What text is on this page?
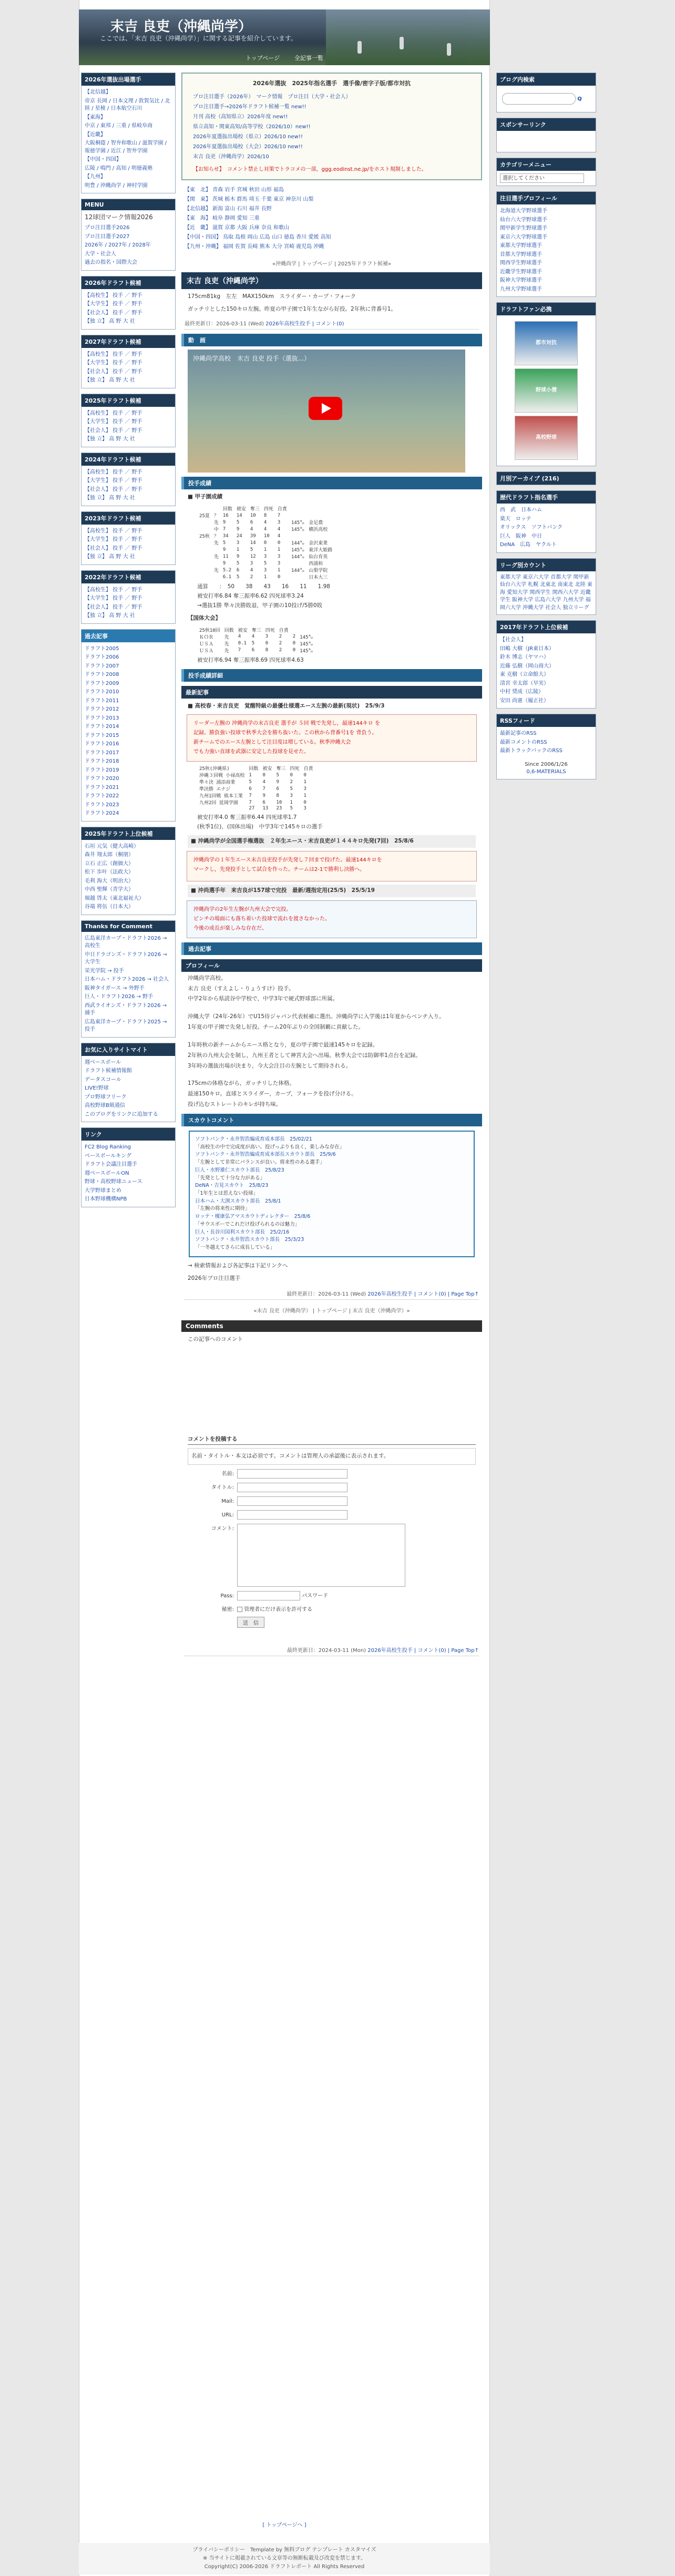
末吉 良吏（沖縄尚学）
ここでは、「末吉 良吏（沖縄尚学）」に関する記事を紹介しています。
トップページ	全記事一覧
2026年選抜出場選手
【北信越】
帝京 長岡 / 日本文理 / 敦賀気比 / 北陸 / 星稜 / 日本航空石川
【東海】
中京 / 東邦 / 三重 / 県岐阜商
【近畿】
大阪桐蔭 / 智弁和歌山 / 滋賀学園 / 報徳学園 / 近江 / 智弁学園
【中国・四国】
広陵 / 鳴門 / 高知 / 明徳義塾
【九州】
明豊 / 沖縄尚学 / 神村学園
MENU
12球団マーク情報2026
プロ注目選手2026
プロ注目選手2027
2026年 / 2027年 / 2028年
大学・社会人
過去の指名・国際大会
2026年ドラフト候補
【高校生】 投手 ／ 野手
【大学生】 投手 ／ 野手
【社会人】 投手 ／ 野手
【独 立】 高 野 大 社
2027年ドラフト候補
【高校生】 投手 ／ 野手
【大学生】 投手 ／ 野手
【社会人】 投手 ／ 野手
【独 立】 高 野 大 社
2025年ドラフト候補
【高校生】 投手 ／ 野手
【大学生】 投手 ／ 野手
【社会人】 投手 ／ 野手
【独 立】 高 野 大 社
2024年ドラフト候補
【高校生】 投手 ／ 野手
【大学生】 投手 ／ 野手
【社会人】 投手 ／ 野手
【独 立】 高 野 大 社
2023年ドラフト候補
【高校生】 投手 ／ 野手
【大学生】 投手 ／ 野手
【社会人】 投手 ／ 野手
【独 立】 高 野 大 社
2022年ドラフト候補
【高校生】 投手 ／ 野手
【大学生】 投手 ／ 野手
【社会人】 投手 ／ 野手
【独 立】 高 野 大 社
過去記事
ドラフト2005
ドラフト2006
ドラフト2007
ドラフト2008
ドラフト2009
ドラフト2010
ドラフト2011
ドラフト2012
ドラフト2013
ドラフト2014
ドラフト2015
ドラフト2016
ドラフト2017
ドラフト2018
ドラフト2019
ドラフト2020
ドラフト2021
ドラフト2022
ドラフト2023
ドラフト2024
2025年ドラフト上位候補
石垣 元気（健大高崎）
森井 翔太郎（桐朋）
立石 正広（創価大）
松下 歩叶（法政大）
毛利 海大（明治大）
中西 聖輝（青学大）
堀越 啓太（東北福祉大）
谷端 将伍（日本大）
Thanks for Comment
広島東洋カープ・ドラフト2026 → 高校生
中日ドラゴンズ・ドラフト2026 → 大学生
栄光学院 → 投手
日本ハム・ドラフト2026 → 社会人
阪神タイガース → 外野手
巨人・ドラフト2026 → 野手
西武ライオンズ・ドラフト2026 → 捕手
広島東洋カープ・ドラフト2025 → 投手
お気に入りサイトマイト
週ベースボール
ドラフト候補情報館
データスコール
LIVE!野球
プロ野球フリーク
高校野球B級通信
このブログをリンクに追加する
リンク
FC2 Blog Ranking
ベースボールキング
ドラフト会議注目選手
週ベースボールON
野球・高校野球ニュース
大学野球まとめ
日本野球機構NPB
2026年選抜　2025年指名選手　選手像/密字子版/都市対抗
プロ注目選手（2026年）　マーク情報　プロ注目（大学・社会人）
プロ注目選手→2026年ドラフト候補一覧 new!!
月刊 高校（高知県立）2026年度 new!!
県立高知・関東高知/高等学校（2026/10）new!!
2026年夏選抜出場校（県立）2026/10 new!!
2026年夏選抜出場校（大会）2026/10 new!!
末吉 良吏（沖縄尚学）2026/10
【お知らせ】　コメント禁止し対策でトラコメの一部，ggg.eodinst.ne.jp/をホスト規制しました。
【東　北】 青森 岩手 宮城 秋田 山形 福島
【関　東】 茨城 栃木 群馬 埼玉 千葉 東京 神奈川 山梨
【北信越】 新潟 富山 石川 福井 長野
【東　海】 岐阜 静岡 愛知 三重
【近　畿】 滋賀 京都 大阪 兵庫 奈良 和歌山
【中国・四国】 鳥取 島根 岡山 広島 山口 徳島 香川 愛媛 高知
【九州・沖縄】 福岡 佐賀 長崎 熊本 大分 宮崎 鹿児島 沖縄
«沖縄尚学 | トップページ | 2025年ドラフト候補»
末吉 良吏（沖縄尚学）
175cm81kg　左左　MAX150km　スライダー・カーブ・フォーク
ガッチリとした150キロ左腕。昨夏の甲子園で1年生ながら好投。2年秋に背番号1。
最終更新日：2026-03-11 (Wed) 2026年高校生投手 | コメント(0)
動　画
沖縄尚学高校　末吉 良吏 投手（選抜...）
投手成績
■ 甲子園成績
		回数	被安	奪三	四死	自責		
25夏	？	16	14	10	8	7		
	先	9	5	6	4	3	145㌔	金足農
	中	7	9	4	4	4	145㌔	横浜高校
25秋	？	34	24	39	10	4		
	先	5	3	14	0	0	144㌔	金沢東業
		9	1	5	1	1	145㌔	東洋大姫路
	先	11	9	12	3	3	144㌔	仙台育英
		9	5	3	5	3		西浦和
	先	5.2	6	4	3	1	144㌔	山梨学院
		6.1	5	2	1	0		日本大三
通算　　：　50　　38　　43　　16　　11　　1.98
被安打率6.84 奪三振率6.62 四死球率3.24
→選抜1勝 準々決勝敗退，甲子園の10投げ/5勝0敗
【国体大会】
25秋10回	回数	被安	奪三	四死	自責		
ＫＯＲ	先	4	4	3	2	2	145㌔
ＵＳＡ	先	0.1	5	0	2	0	145㌔
ＵＳＡ	先	7	6	8	2	0	145㌔
被安打率6.94 奪三振率8.69 四死球率4.63
投手成績詳細
最新記事
■ 高校春・来吉良吏　覚醒特級の最優仕様選エース左腕の最新(現状)　25/9/3
リーダー左腕の 沖縄尚学の末吉良吏 選手が ５回 戦で先発し，最速144キロ を
記録。勝負強い投球で秋季大会を勝ち抜いた。この秋から背番号1を 背負う。
新チームでのエース左腕として注目度は増している。秋季沖縄大会
でも力強い直球を武器に安定した投球を見せた。
25秋(沖縄県)	回数	被安	奪三	四死	自責
沖縄３回戦 小禄高校	1	0	5	0	0
準々決 浦添商業	5	4	9	2	1
準決勝 エナジ	6	7	6	5	3
九州1回戦 熊本工業	7	9	8	3	1
九州2回 延岡学園	7	6	10	1	0
	27	13	23	5	3
被安打率4.0 奪三振率6.44 四死球率1.7
(秋季1位)，(国体出場)　中学3年で145キロの選手
■ 沖縄尚学が全国選手権選抜　２年生エース・末吉良吏が１４４キロ先発(7回)　25/8/6
沖縄尚学の１年生エース末吉良吏投手が先発し７回まで投げた。最速144キロを
マークし，先発投手として試合を作った。チームは2-1で勝利し決勝へ。
■ 沖尚選手年　来吉良が157球で完投　最新/週指定用(25/5)　25/5/19
沖縄尚学の2年生左腕が九州大会で完投。
ピンチの場面にも落ち着いた投球で流れを渡さなかった。
今後の成長が楽しみな存在だ。
過去記事
プロフィール
沖縄尚学高校。
末吉 良吏（すえよし・りょうすけ）投手。
中学2年から県読谷中学校で，中学3年で硬式野球部に所属。
沖縄大学（24年-26年）でU15侍ジャパン代表候補に選出。沖縄尚学に入学後は1年夏からベンチ入り。
1年夏の甲子園で先発し好投。チーム20年ぶりの全国制覇に貢献した。
1年時秋の新チームからエース格となり，夏の甲子園で最速145キロを記録。
2年秋の九州大会を制し，九州王者として神宮大会へ出場。秋季大会では防御率1点台を記録。
3年時の選抜出場が決まり，今大会注目の左腕として期待される。
175cmの体格ながら，ガッチリした体格。
最速150キロ。直球とスライダー，カーブ，フォークを投げ分ける。
投げ込むストレートのキレが持ち味。
スカウトコメント
ソフトバンク・永井智浩編成育成本部長　25/02/21
「高校生の中で完成度が高い。投げっぷりも良く，楽しみな存在」
ソフトバンク・永井智浩編成育成本部長スカウト部長　25/9/6
「左腕として非常にバランスが良い。将来性のある選手」
巨人・水野雄仁スカウト部長　25/8/23
「先発として十分な力がある」
DeNA・吉見スカウト　25/8/23
「1年生とは思えない投球」
日本ハム・大渕スカウト部長　25/8/1
「左腕の将来性に期待」
ロッテ・榎康弘アマスカウトディレクター　25/8/6
「サウスポーでこれだけ投げられるのは魅力」
巨人・長谷川国利スカウト部長　25/2/16
ソフトバンク・永井智浩スカウト部長　25/3/23
「一冬越えてさらに成長している」
→ 検索情報および各記事は下記リンクへ
2026年プロ注目選手
最終更新日：2026-03-11 (Wed) 2026年高校生投手 | コメント(0) | Page Top↑
«末吉 良吏（沖縄尚学） | トップページ | 末吉 良吏（沖縄尚学）»
Comments
この記事へのコメント
コメントを投稿する
名前・タイトル・本文は必須です。コメントは管理人の承認後に表示されます。
名前:
タイトル:
Mail:
URL:
コメント:
Pass:	パスワード
秘密: 管理者にだけ表示を許可する
送　信
最終更新日：2024-03-11 (Mon) 2026年高校生投手 | コメント(0) | Page Top↑
ブログ内検索
Q
スポンサーリンク
カテゴリーメニュー
選択してください
注目選手プロフィール
北海道大学野球選手
仙台六大学野球選手
関甲新学生野球選手
東京六大学野球選手
東都大学野球選手
首都大学野球選手
関西学生野球選手
近畿学生野球選手
阪神大学野球選手
九州大学野球選手
ドラフトファン必携
都市対抗
野球小僧
高校野球
月別アーカイブ (216)
歴代ドラフト指名選手
西　武　日本ハム
楽天　ロッテ
オリックス　ソフトバンク
巨人　阪神　中日
DeNA　広島　ヤクルト
リーグ別カウント
東都大学 東京六大学 首都大学 関甲新 仙台六大学 札幌 北東北 南東北 北陸 東海 愛知大学 関西学生 関西六大学 近畿学生 阪神大学 広島六大学 九州大学 福岡六大学 沖縄大学 社会人 独立リーグ
2017年ドラフト上位候補
【社会人】
田嶋 大樹（JR東日本）
鈴木 博志（ヤマハ）
近藤 弘樹（岡山商大）
東 克樹（立命館大）
清宮 幸太郎（早実）
中村 奨成（広陵）
安田 尚憲（履正社）
RSSフィード
最新記事のRSS
最新コメントのRSS
最新トラックバックのRSS
Since 2006/1/26
0,6-MATERIALS
[ トップページへ ]
プライバシーポリシー　Template by 無料ブログ テンプレート カスタマイズ
※ 当サイトに掲載されている文章等の無断転載及び改変を禁じます。
Copyright(C) 2006-2026 ドラフトレポート All Rights Reserved
